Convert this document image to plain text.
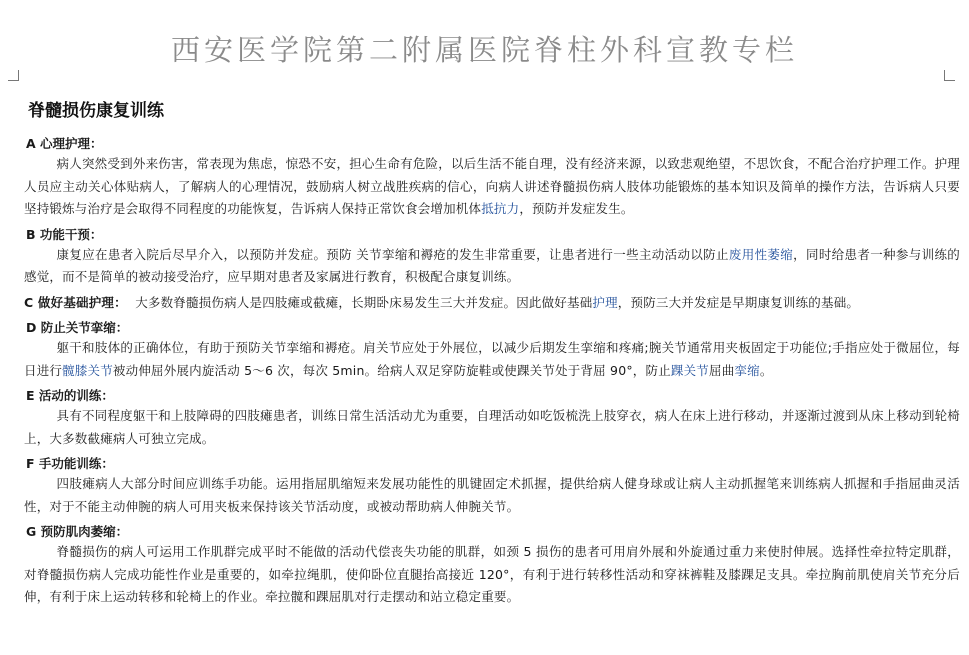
西安医学院第二附属医院脊柱外科宣教专栏
脊髓损伤康复训练
A 心理护理：

病人突然受到外来伤害，常表现为焦虑，惊恐不安，担心生命有危险，以后生活不能自理，没有经济来源，以致悲观绝望，不思饮食，不配合治疗护理工作。护理人员应主动关心体贴病人，了解病人的心理情况，鼓励病人树立战胜疾病的信心，向病人讲述脊髓损伤病人肢体功能锻炼的基本知识及简单的操作方法，告诉病人只要坚持锻炼与治疗是会取得不同程度的功能恢复，告诉病人保持正常饮食会增加机体抵抗力，预防并发症发生。

B 功能干预：

康复应在患者入院后尽早介入，以预防并发症。预防 关节挛缩和褥疮的发生非常重要，让患者进行一些主动活动以防止废用性萎缩，同时给患者一种参与训练的感觉，而不是简单的被动接受治疗，应早期对患者及家属进行教育，积极配合康复训练。

C 做好基础护理： 大多数脊髓损伤病人是四肢瘫或截瘫，长期卧床易发生三大并发症。因此做好基础护理，预防三大并发症是早期康复训练的基础。

D 防止关节挛缩：

躯干和肢体的正确体位，有助于预防关节挛缩和褥疮。肩关节应处于外展位，以减少后期发生挛缩和疼痛;腕关节通常用夹板固定于功能位;手指应处于微屈位，每日进行髋膝关节被动伸屈外展内旋活动 5～6 次，每次 5min。给病人双足穿防旋鞋或使踝关节处于背屈 90°，防止踝关节屈曲挛缩。

E 活动的训练：

具有不同程度躯干和上肢障碍的四肢瘫患者，训练日常生活活动尤为重要，自理活动如吃饭梳洗上肢穿衣，病人在床上进行移动，并逐渐过渡到从床上移动到轮椅上，大多数截瘫病人可独立完成。

F 手功能训练：

四肢瘫病人大部分时间应训练手功能。运用指屈肌缩短来发展功能性的肌键固定术抓握，提供给病人健身球或让病人主动抓握笔来训练病人抓握和手指屈曲灵活性，对于不能主动伸腕的病人可用夹板来保持该关节活动度，或被动帮助病人伸腕关节。

G 预防肌肉萎缩：

脊髓损伤的病人可运用工作肌群完成平时不能做的活动代偿丧失功能的肌群，如颈 5 损伤的患者可用肩外展和外旋通过重力来使肘伸展。选择性牵拉特定肌群，对脊髓损伤病人完成功能性作业是重要的，如牵拉绳肌，使仰卧位直腿抬高接近 120°，有利于进行转移性活动和穿袜裤鞋及膝踝足支具。牵拉胸前肌使肩关节充分后伸，有利于床上运动转移和轮椅上的作业。牵拉髋和踝屈肌对行走摆动和站立稳定重要。
